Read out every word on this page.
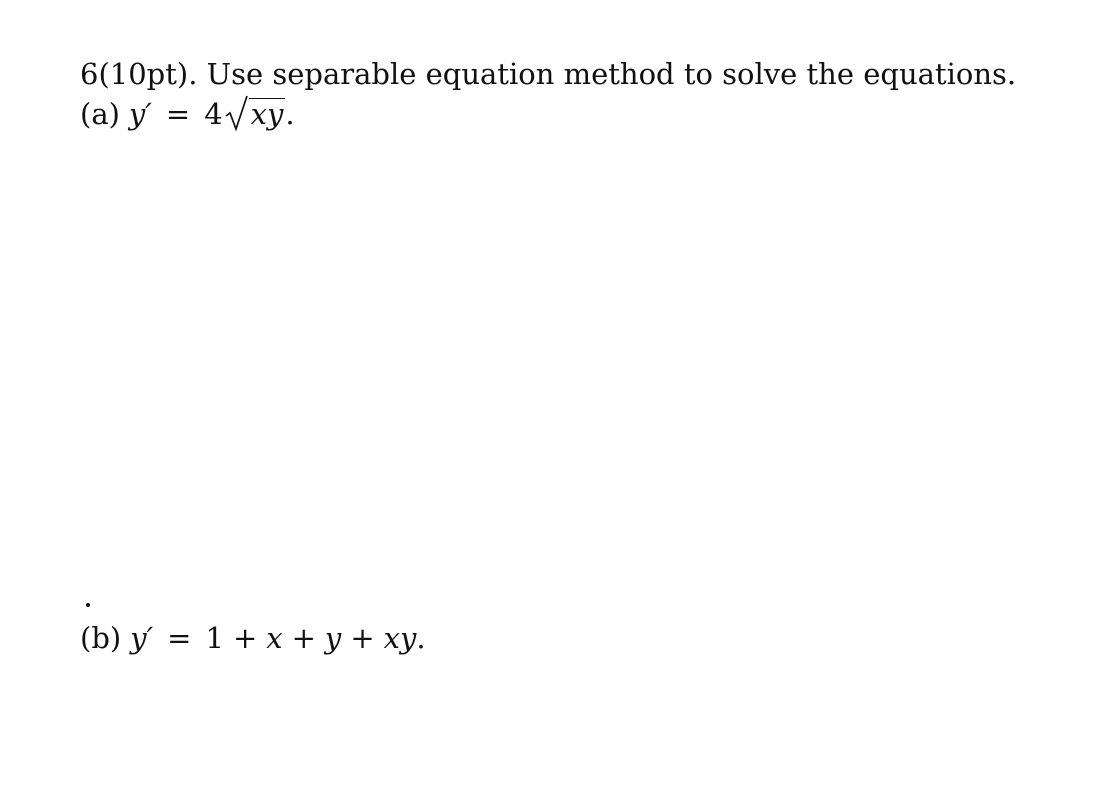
6(10pt). Use separable equation method to solve the equations.
(a) y′ = 4 xy.
(b) y′ = 1 + x + y + xy.
